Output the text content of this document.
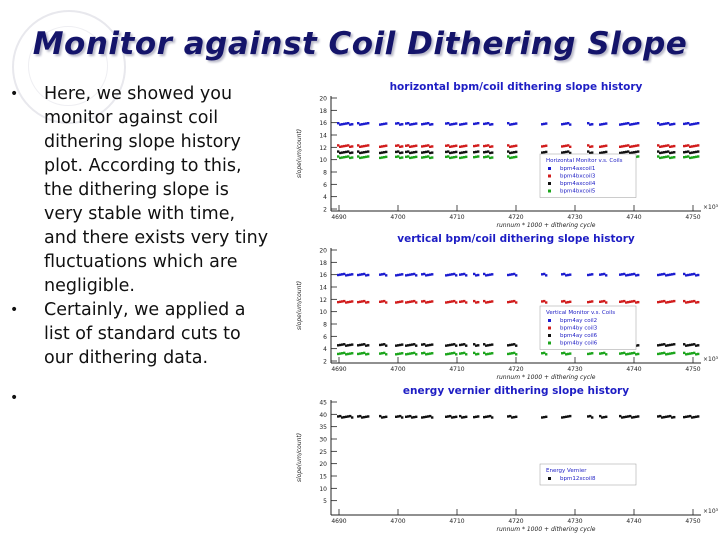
Monitor against Coil Dithering Slope
• Here, we showed you monitor against coil dithering slope history plot. According to this, the dithering slope is very stable with time, and there exists very tiny fluctuations which are negligible.
• Certainly, we applied a list of standard cuts to our dithering data.
•
horizontal bpm/coil dithering slope history
2
4
6
8
10
12
14
16
18
20
4690	4700	4710	4720	4730	4740	4750
×10³
runnum * 1000 + dithering cycle
slope(um/count)	Horizontal Monitor v.s. Coils
bpm4axcoil1
bpm4bxcoil3
bpm4axcoil4
bpm4bxcoil5
vertical bpm/coil dithering slope history
2
4
6
8
10
12
14
16
18
20
4690	4700	4710	4720	4730	4740	4750
×10³
runnum * 1000 + dithering cycle
slope(um/count)	Vertical Monitor v.s. Coils
bpm4ay coil2
bpm4by coil3
bpm4ay coil6
bpm4by coil6
energy vernier dithering slope history
5
10
15
20
25
30
35
40
45
4690	4700	4710	4720	4730	4740	4750
×10³
runnum * 1000 + dithering cycle
slope(um/count)	Energy Vernier
bpm12xcoil8
